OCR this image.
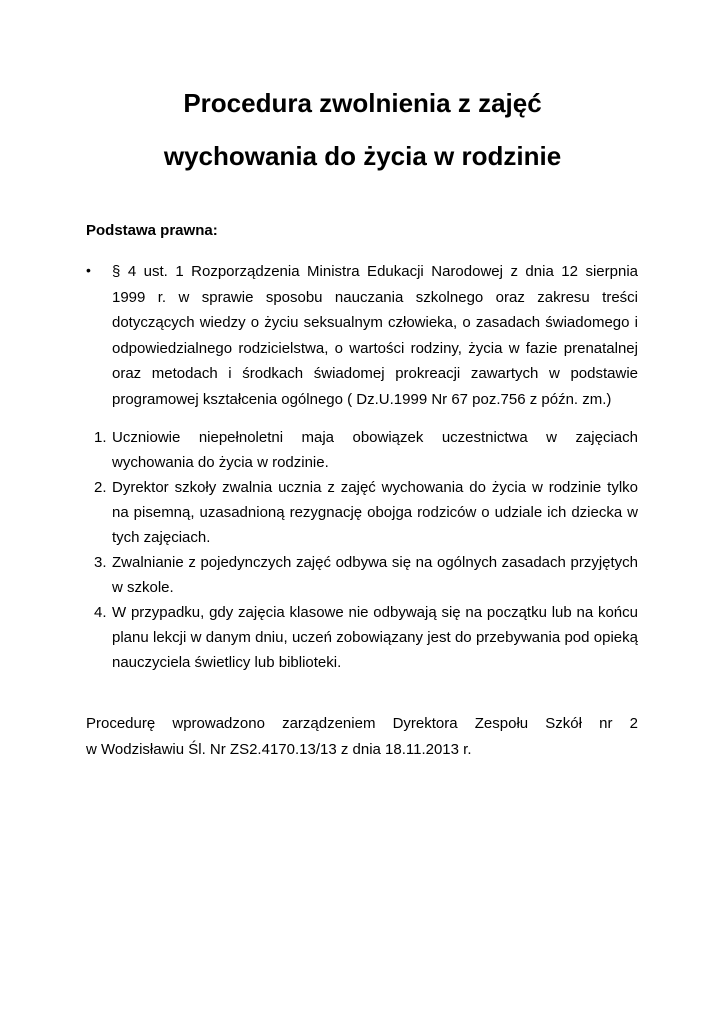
Procedura zwolnienia z zajęć
wychowania do życia w rodzinie

Podstawa prawna:

• § 4 ust. 1 Rozporządzenia Ministra Edukacji Narodowej z dnia 12 sierpnia 1999 r. w sprawie sposobu nauczania szkolnego oraz zakresu treści dotyczących wiedzy o życiu seksualnym człowieka, o zasadach świadomego i odpowiedzialnego rodzicielstwa, o wartości rodziny, życia w fazie prenatalnej oraz metodach i środkach świadomej prokreacji zawartych w podstawie programowej kształcenia ogólnego ( Dz.U.1999 Nr 67 poz.756 z późn. zm.)

1. Uczniowie niepełnoletni maja obowiązek uczestnictwa w zajęciach wychowania do życia w rodzinie.
2. Dyrektor szkoły zwalnia ucznia z zajęć wychowania do życia w rodzinie tylko na pisemną, uzasadnioną rezygnację obojga rodziców o udziale ich dziecka w tych zajęciach.
3. Zwalnianie z pojedynczych zajęć odbywa się na ogólnych zasadach przyjętych w szkole.
4. W przypadku, gdy zajęcia klasowe nie odbywają się na początku lub na końcu planu lekcji w danym dniu, uczeń zobowiązany jest do przebywania pod opieką nauczyciela świetlicy lub biblioteki.
Procedurę wprowadzono zarządzeniem Dyrektora Zespołu Szkół nr 2
w Wodzisławiu Śl. Nr ZS2.4170.13/13 z dnia 18.11.2013 r.
